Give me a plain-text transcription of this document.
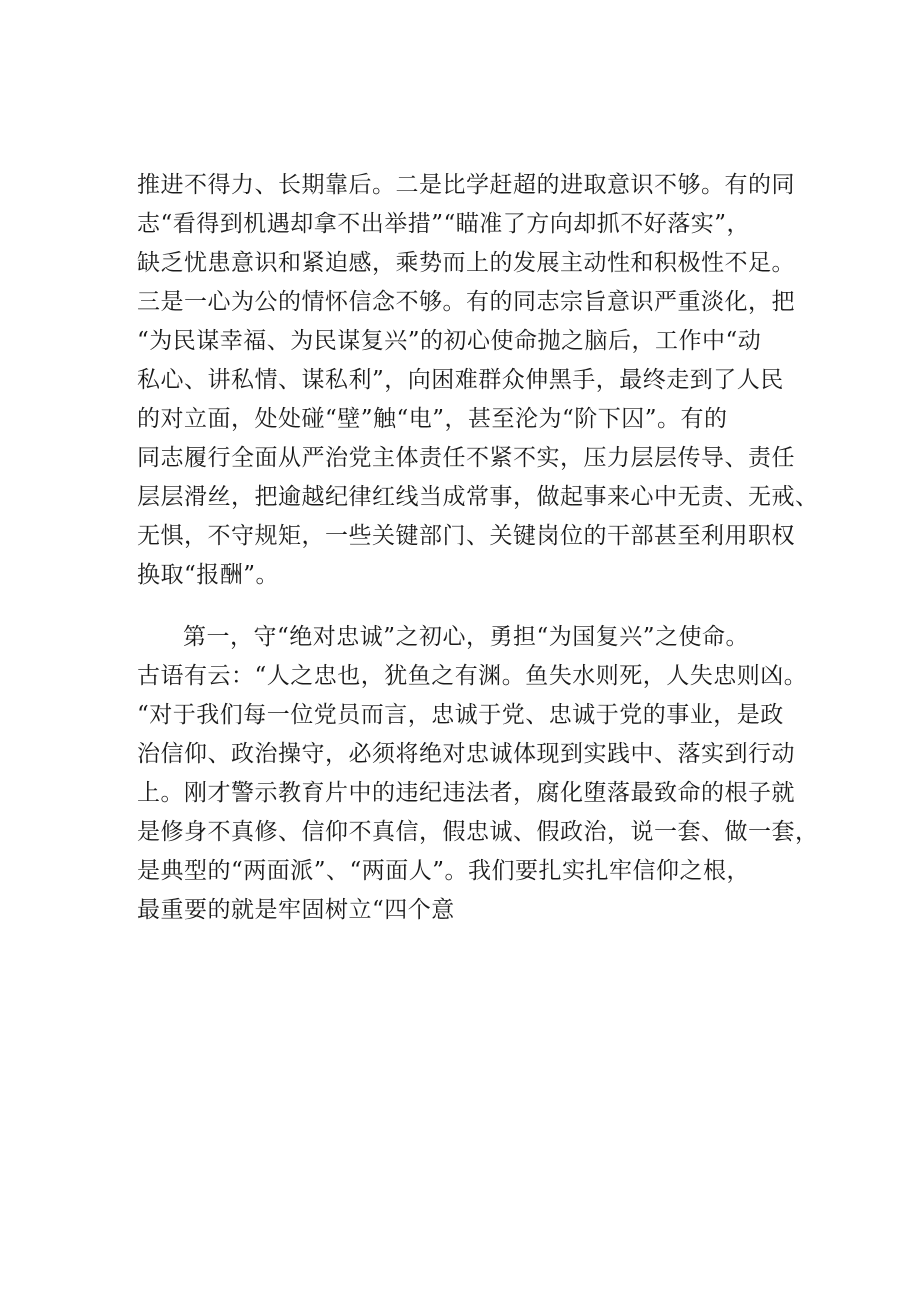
推进不得力、长期靠后。二是比学赶超的进取意识不够。有的同
志“看得到机遇却拿不出举措”“瞄准了方向却抓不好落实”，
缺乏忧患意识和紧迫感，乘势而上的发展主动性和积极性不足。
三是一心为公的情怀信念不够。有的同志宗旨意识严重淡化，把
“为民谋幸福、为民谋复兴”的初心使命抛之脑后，工作中“动
私心、讲私情、谋私利”，向困难群众伸黑手，最终走到了人民
的对立面，处处碰“壁”触“电”，甚至沦为“阶下囚”。有的
同志履行全面从严治党主体责任不紧不实，压力层层传导、责任
层层滑丝，把逾越纪律红线当成常事，做起事来心中无责、无戒、
无惧，不守规矩，一些关键部门、关键岗位的干部甚至利用职权
换取“报酬”。
第一，守“绝对忠诚”之初心，勇担“为国复兴”之使命。
古语有云：“人之忠也，犹鱼之有渊。鱼失水则死，人失忠则凶。
“对于我们每一位党员而言，忠诚于党、忠诚于党的事业，是政
治信仰、政治操守，必须将绝对忠诚体现到实践中、落实到行动
上。刚才警示教育片中的违纪违法者，腐化堕落最致命的根子就
是修身不真修、信仰不真信，假忠诚、假政治，说一套、做一套，
是典型的“两面派”、“两面人”。我们要扎实扎牢信仰之根，
最重要的就是牢固树立“四个意
